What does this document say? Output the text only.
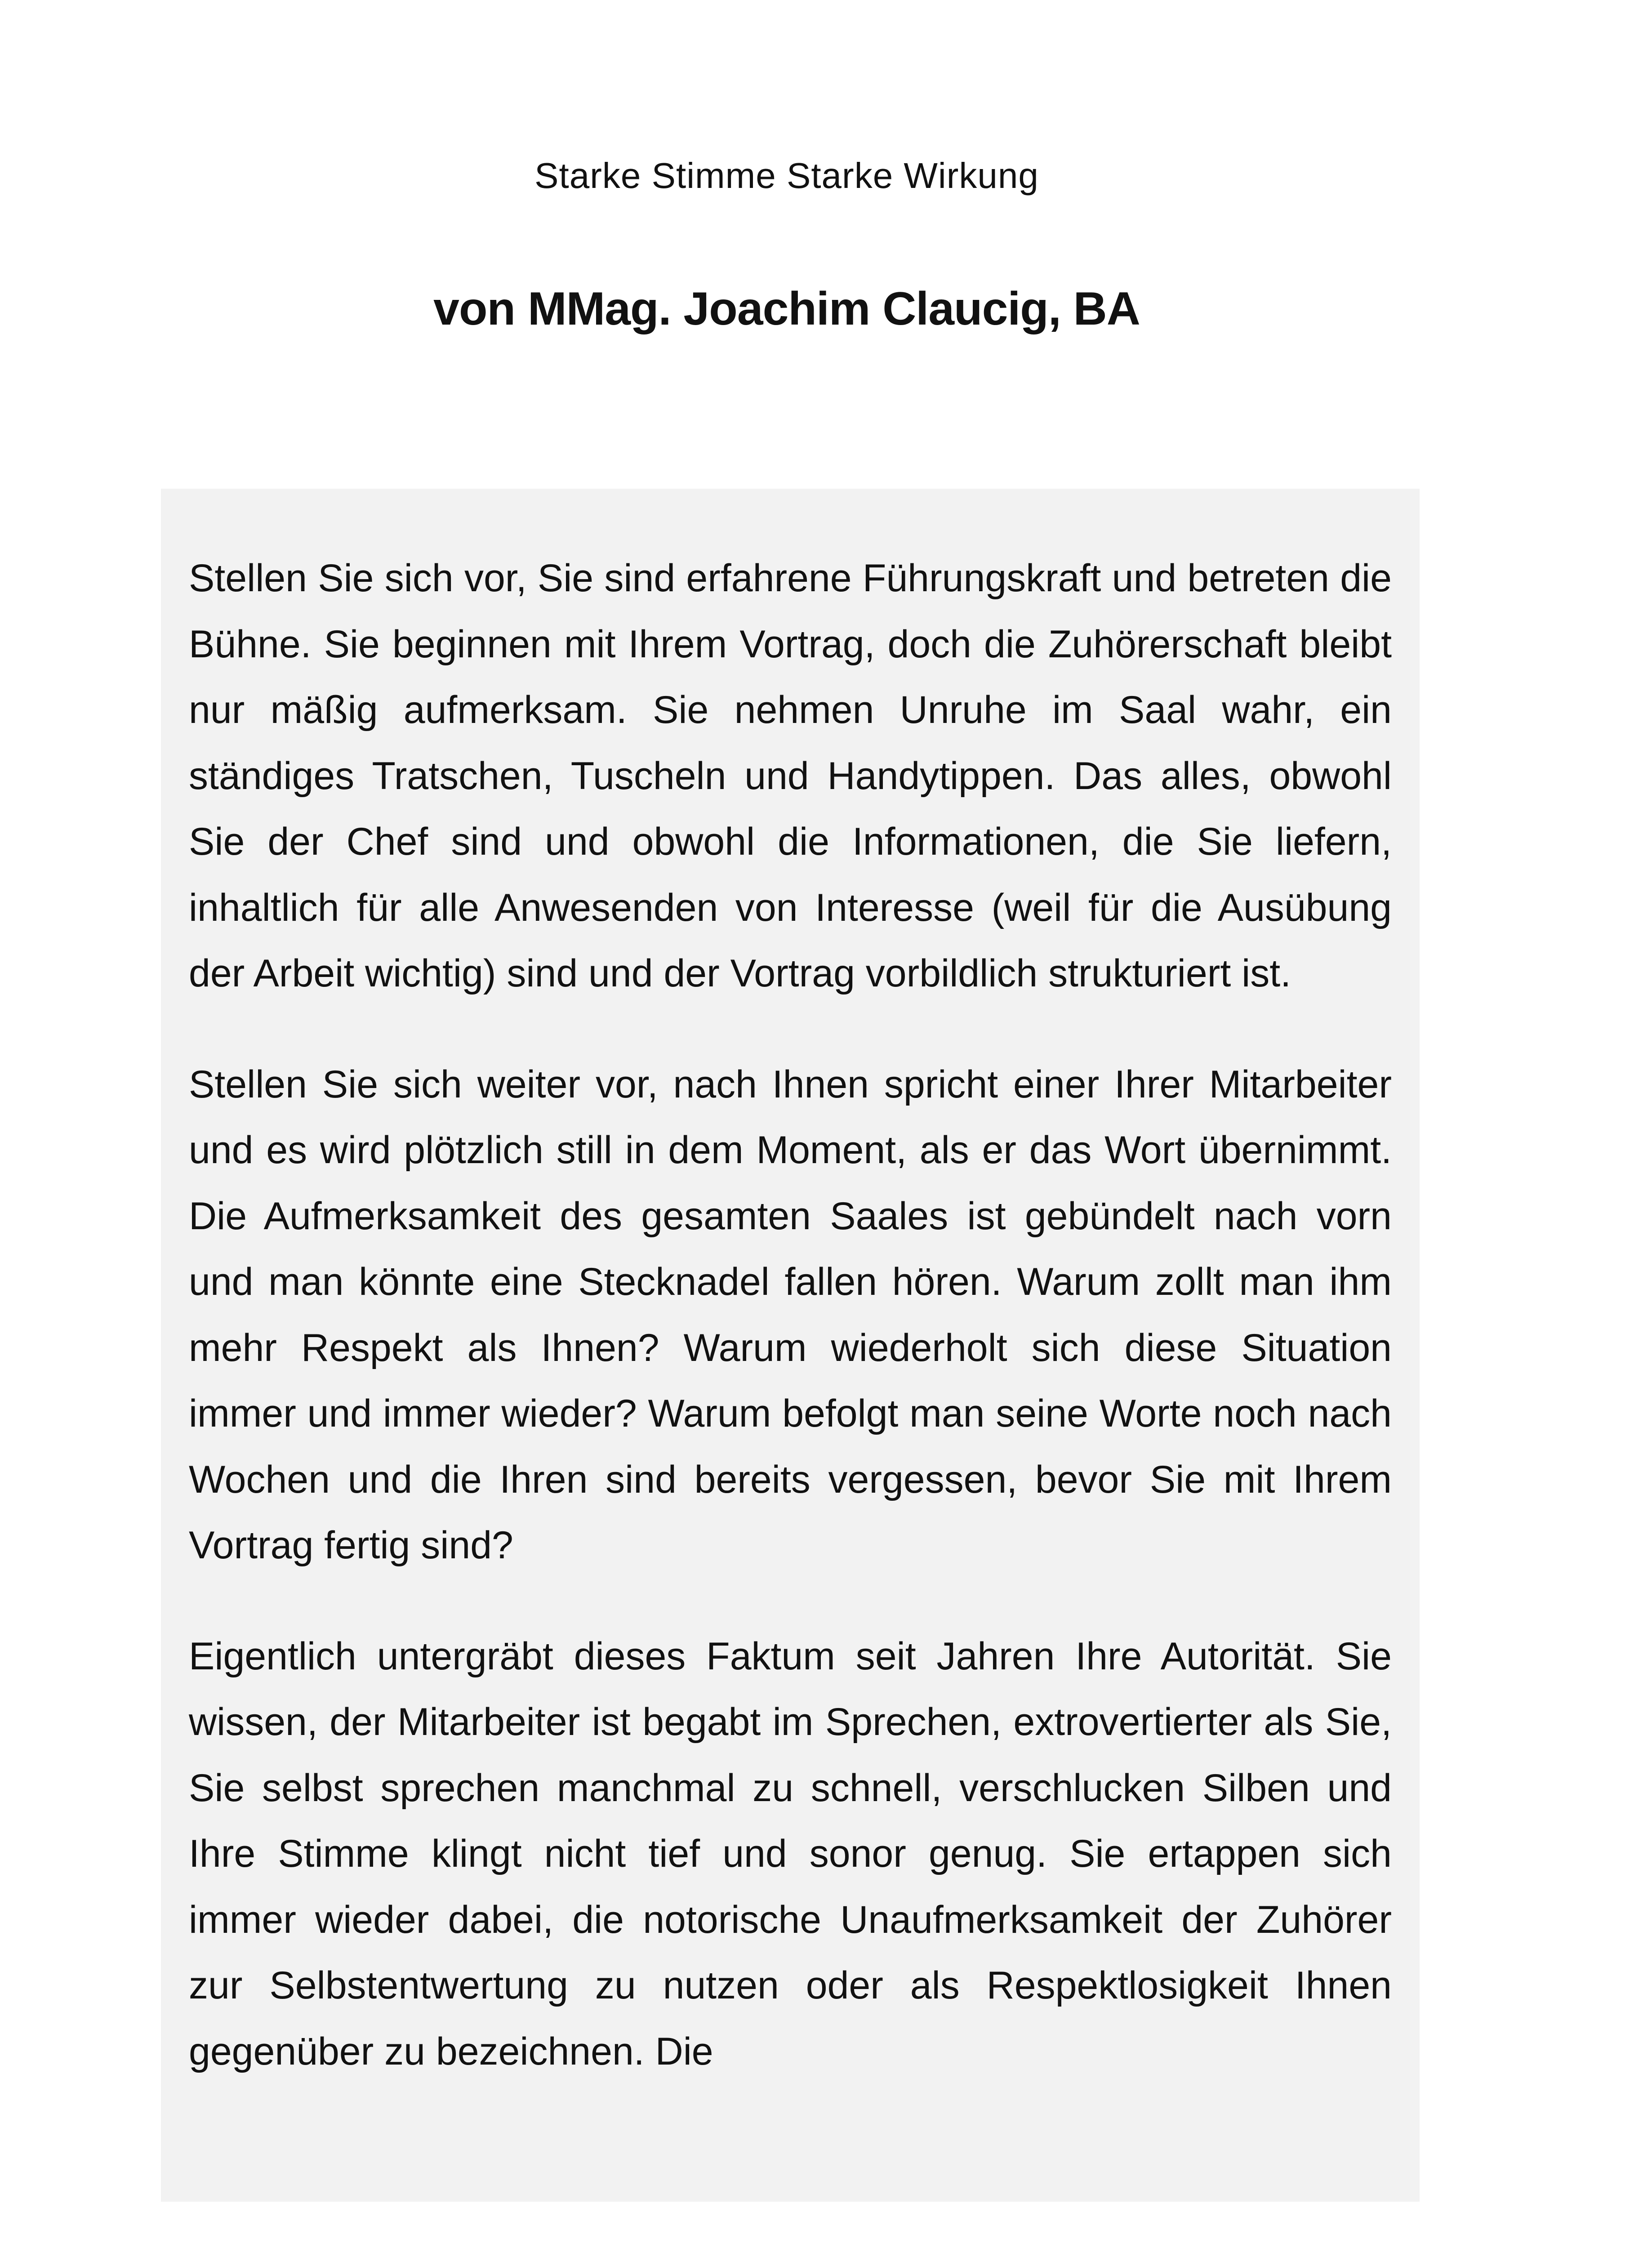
Starke Stimme Starke Wirkung
von MMag. Joachim Claucig, BA

Stellen Sie sich vor, Sie sind erfahrene Führungskraft und betreten die Bühne. Sie beginnen mit Ihrem Vortrag, doch die Zuhörerschaft bleibt nur mäßig aufmerksam. Sie nehmen Unruhe im Saal wahr, ein ständiges Tratschen, Tuscheln und Handytippen. Das alles, obwohl Sie der Chef sind und obwohl die Informationen, die Sie liefern, inhaltlich für alle Anwesenden von Interesse (weil für die Ausübung der Arbeit wichtig) sind und der Vortrag vorbildlich strukturiert ist.

Stellen Sie sich weiter vor, nach Ihnen spricht einer Ihrer Mitarbeiter und es wird plötzlich still in dem Moment, als er das Wort übernimmt. Die Aufmerksamkeit des gesamten Saales ist gebündelt nach vorn und man könnte eine Stecknadel fallen hören. Warum zollt man ihm mehr Respekt als Ihnen? Warum wiederholt sich diese Situation immer und immer wieder? Warum befolgt man seine Worte noch nach Wochen und die Ihren sind bereits vergessen, bevor Sie mit Ihrem Vortrag fertig sind?

Eigentlich untergräbt dieses Faktum seit Jahren Ihre Autorität. Sie wissen, der Mitarbeiter ist begabt im Sprechen, extrovertierter als Sie, Sie selbst sprechen manchmal zu schnell, verschlucken Silben und Ihre Stimme klingt nicht tief und sonor genug. Sie ertappen sich immer wieder dabei, die notorische Unaufmerksamkeit der Zuhörer zur Selbstentwertung zu nutzen oder als Respektlosigkeit Ihnen gegenüber zu bezeichnen. Die
